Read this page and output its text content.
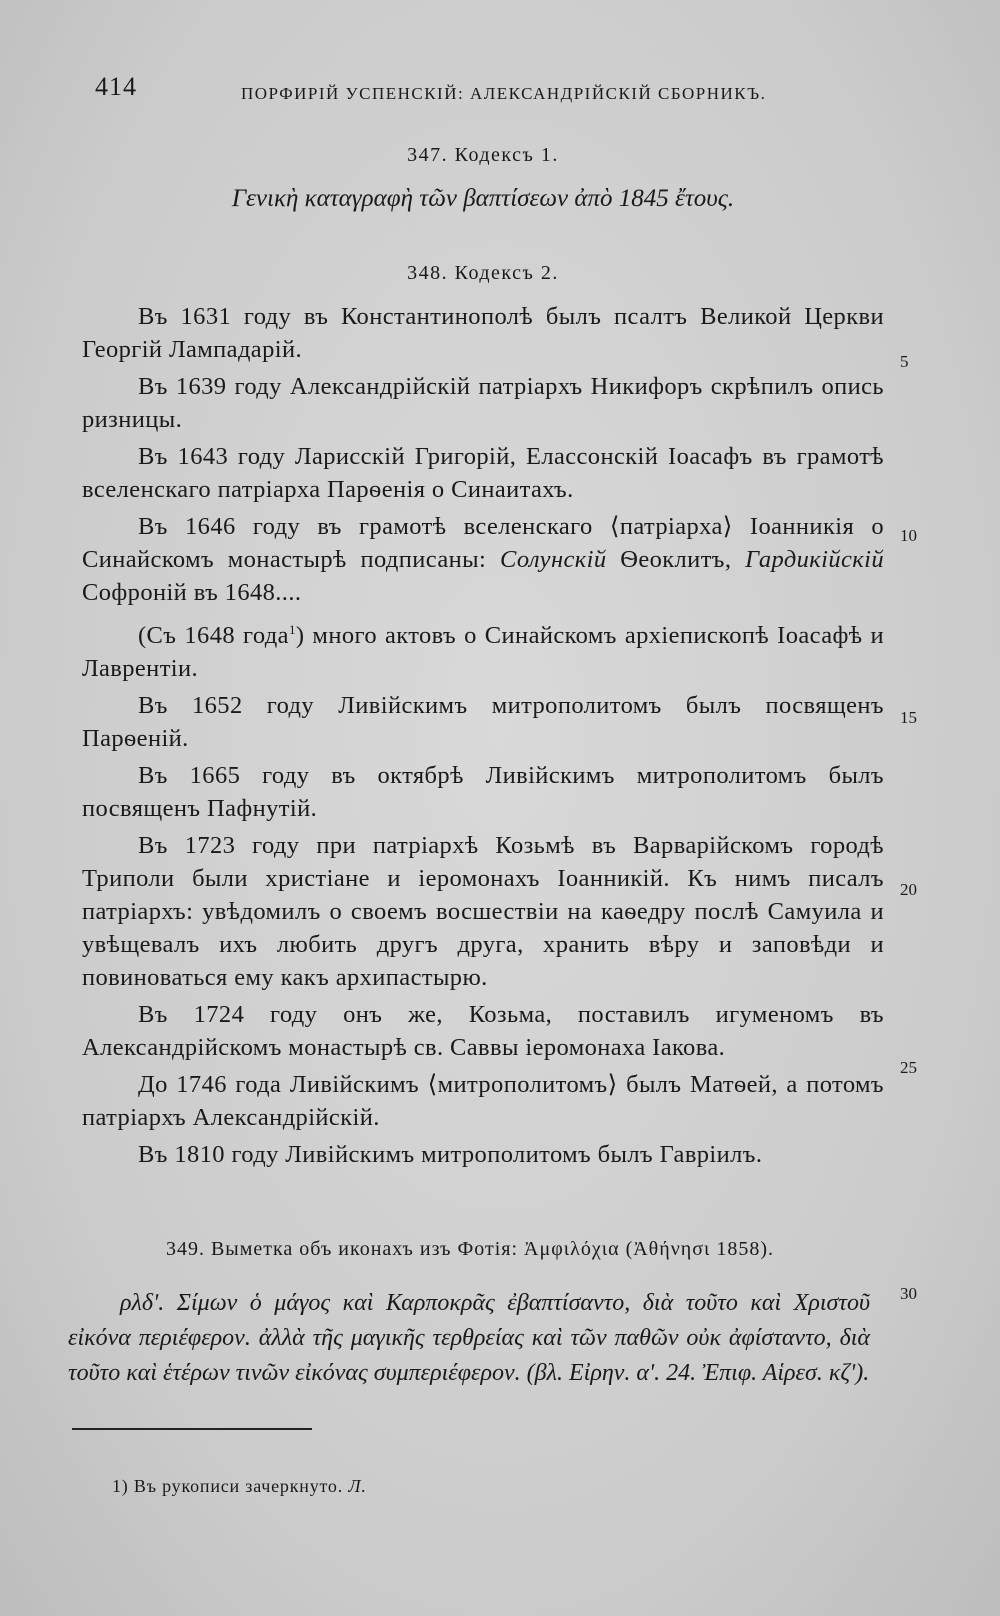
414	ПОРФИРІЙ УСПЕНСКІЙ: АЛЕКСАНДРІЙСКІЙ СБОРНИКЪ.

347. Кодексъ 1.

Γενικὴ καταγραφὴ τῶν βαπτίσεων ἀπὸ 1845 ἔτους.

348. Кодексъ 2.

Въ 1631 году въ Константинополѣ былъ псалтъ Великой Церкви Георгій Лампадарій.

Въ 1639 году Александрійскій патріархъ Никифоръ скрѣпилъ опись ризницы.

Въ 1643 году Ларисскій Григорій, Елассонскій Іоасафъ въ грамотѣ вселенскаго патріарха Парѳенія о Синаитахъ.

Въ 1646 году въ грамотѣ вселенскаго ⟨патріарха⟩ Іоанникія о Синайскомъ монастырѣ подписаны: Солунскій Ѳеоклитъ, Гардикійскій Софроній въ 1648....

(Съ 1648 года$^1$) много актовъ о Синайскомъ архіепископѣ Іоасафѣ и Лаврентіи.

Въ 1652 году Ливійскимъ митрополитомъ былъ посвященъ Парѳеній.

Въ 1665 году въ октябрѣ Ливійскимъ митрополитомъ былъ посвященъ Пафнутій.

Въ 1723 году при патріархѣ Козьмѣ въ Варварійскомъ городѣ Триполи были христіане и іеромонахъ Іоанникій. Къ нимъ писалъ патріархъ: увѣдомилъ о своемъ восшествіи на каѳедру послѣ Самуила и увѣщевалъ ихъ любить другъ друга, хранить вѣру и заповѣди и повиноваться ему какъ архипастырю.

Въ 1724 году онъ же, Козьма, поставилъ игуменомъ въ Александрійскомъ монастырѣ св. Саввы іеромонаха Іакова.

До 1746 года Ливійскимъ ⟨митрополитомъ⟩ былъ Матѳей, а потомъ патріархъ Александрійскій.

Въ 1810 году Ливійскимъ митрополитомъ былъ Гавріилъ.

5
10
15
20
25
30

349. Выметка объ иконахъ изъ Фотія: Ἀμφιλόχια (Ἀθήνησι 1858).

ρλδʹ. Σίμων ὁ μάγος καὶ Καρποκρᾶς ἐβαπτίσαντο, διὰ τοῦτο καὶ Χριστοῦ εἰκόνα περιέφερον. ἀλλὰ τῆς μαγικῆς τερθρείας καὶ τῶν παθῶν οὐκ ἀφίσταντο, διὰ τοῦτο καὶ ἑτέρων τινῶν εἰκόνας συμπεριέφερον. (βλ. Εἰρην. αʹ. 24. Ἐπιφ. Αἱρεσ. κζʹ).

1) Въ рукописи зачеркнуто. Л.
